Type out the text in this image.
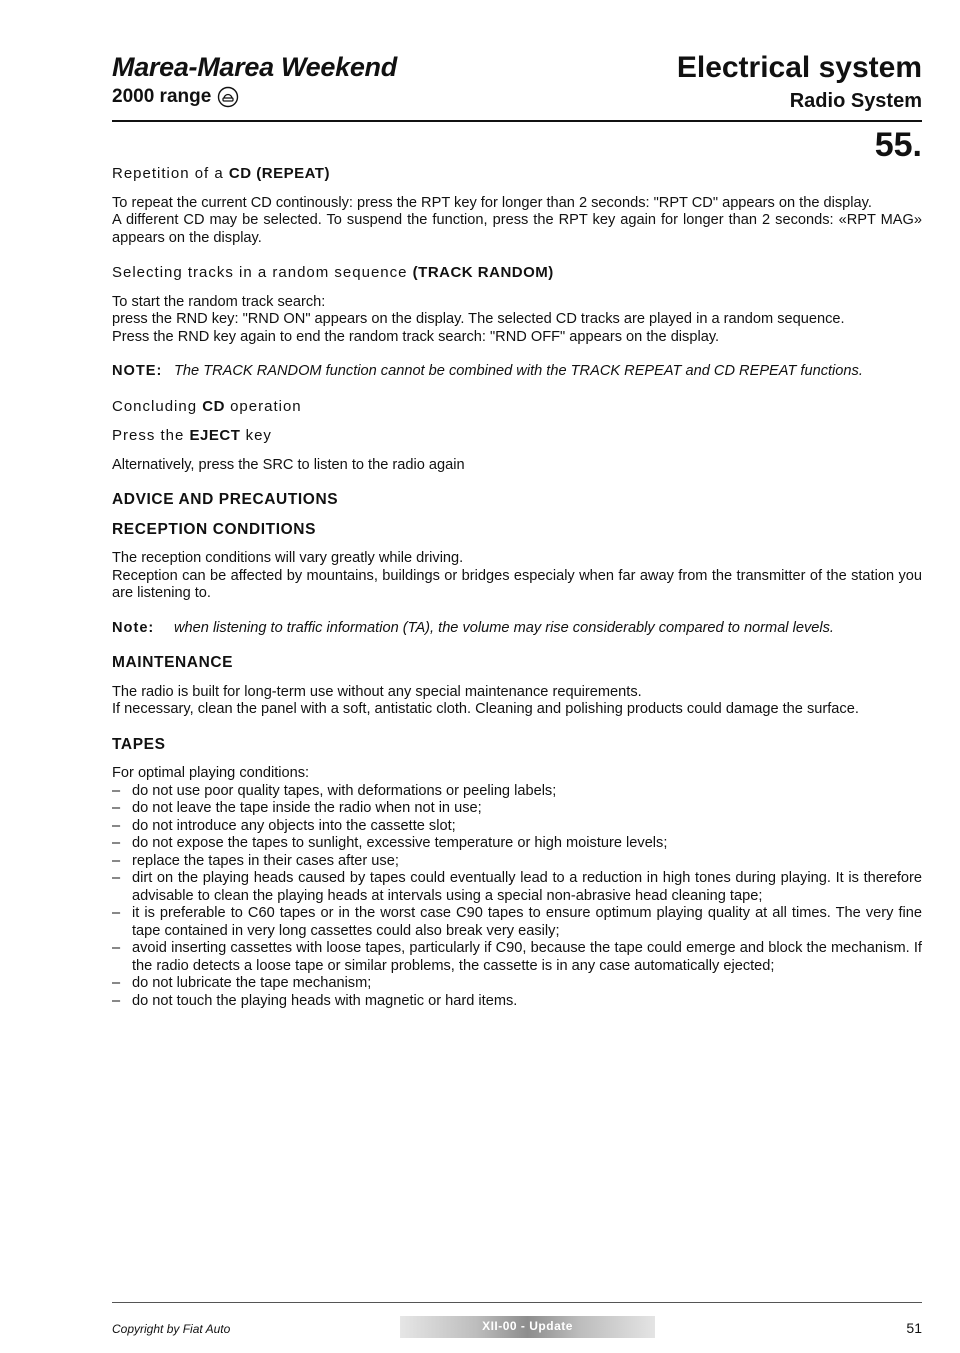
Marea-Marea Weekend
2000 range
Electrical system
Radio System
55.
Repetition of a CD (REPEAT)

To repeat the current CD continously: press the RPT key for longer than 2 seconds: "RPT CD" appears on the display.

A different CD may be selected. To suspend the function, press the RPT key again for longer than 2 seconds: «RPT MAG» appears on the display.

Selecting tracks in a random sequence (TRACK RANDOM)

To start the random track search:

press the RND key: "RND ON" appears on the display. The selected CD tracks are played in a random sequence.

Press the RND key again to end the random track search: "RND OFF" appears on the display.

NOTE: The TRACK RANDOM function cannot be combined with the TRACK REPEAT and CD REPEAT functions.
Concluding CD operation
Press the EJECT key

Alternatively, press the SRC to listen to the radio again

ADVICE AND PRECAUTIONS
RECEPTION CONDITIONS

The reception conditions will vary greatly while driving.

Reception can be affected by mountains, buildings or bridges especialy when far away from the transmitter of the station you are listening to.

Note:	when listening to traffic information (TA), the volume may rise considerably compared to normal levels.
MAINTENANCE

The radio is built for long-term use without any special maintenance requirements.

If necessary, clean the panel with a soft, antistatic cloth. Cleaning and polishing products could damage the surface.

TAPES

For optimal playing conditions:

– do not use poor quality tapes, with deformations or peeling labels;
– do not leave the tape inside the radio when not in use;
– do not introduce any objects into the cassette slot;
– do not expose the tapes to sunlight, excessive temperature or high moisture levels;
– replace the tapes in their cases after use;
– dirt on the playing heads caused by tapes could eventually lead to a reduction in high tones during playing. It is therefore advisable to clean the playing heads at intervals using a special non-abrasive head cleaning tape;
– it is preferable to C60 tapes or in the worst case C90 tapes to ensure optimum playing quality at all times. The very fine tape contained in very long cassettes could also break very easily;
– avoid inserting cassettes with loose tapes, particularly if C90, because the tape could emerge and block the mechanism. If the radio detects a loose tape or similar problems, the cassette is in any case automatically ejected;
– do not lubricate the tape mechanism;
– do not touch the playing heads with magnetic or hard items.
Copyright by Fiat Auto	XII-00 - Update	51
